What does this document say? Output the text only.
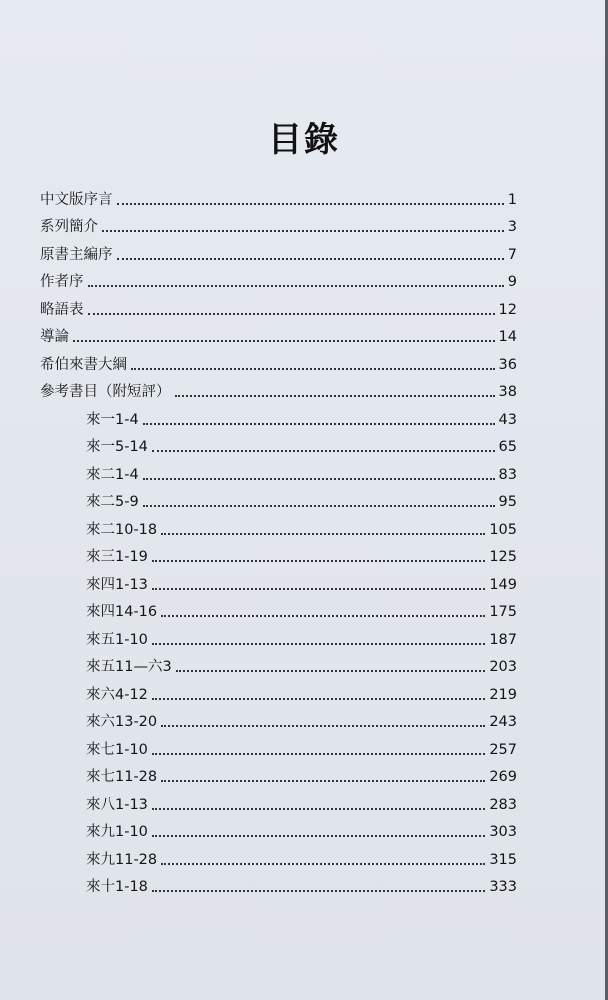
目錄
中文版序言	1
系列簡介	3
原書主編序	7
作者序	9
略語表	12
導論	14
希伯來書大綱	36
參考書目（附短評）	38
來一1-4	43
來一5-14	65
來二1-4	83
來二5-9	95
來二10-18	105
來三1-19	125
來四1-13	149
來四14-16	175
來五1-10	187
來五11—六3	203
來六4-12	219
來六13-20	243
來七1-10	257
來七11-28	269
來八1-13	283
來九1-10	303
來九11-28	315
來十1-18	333
